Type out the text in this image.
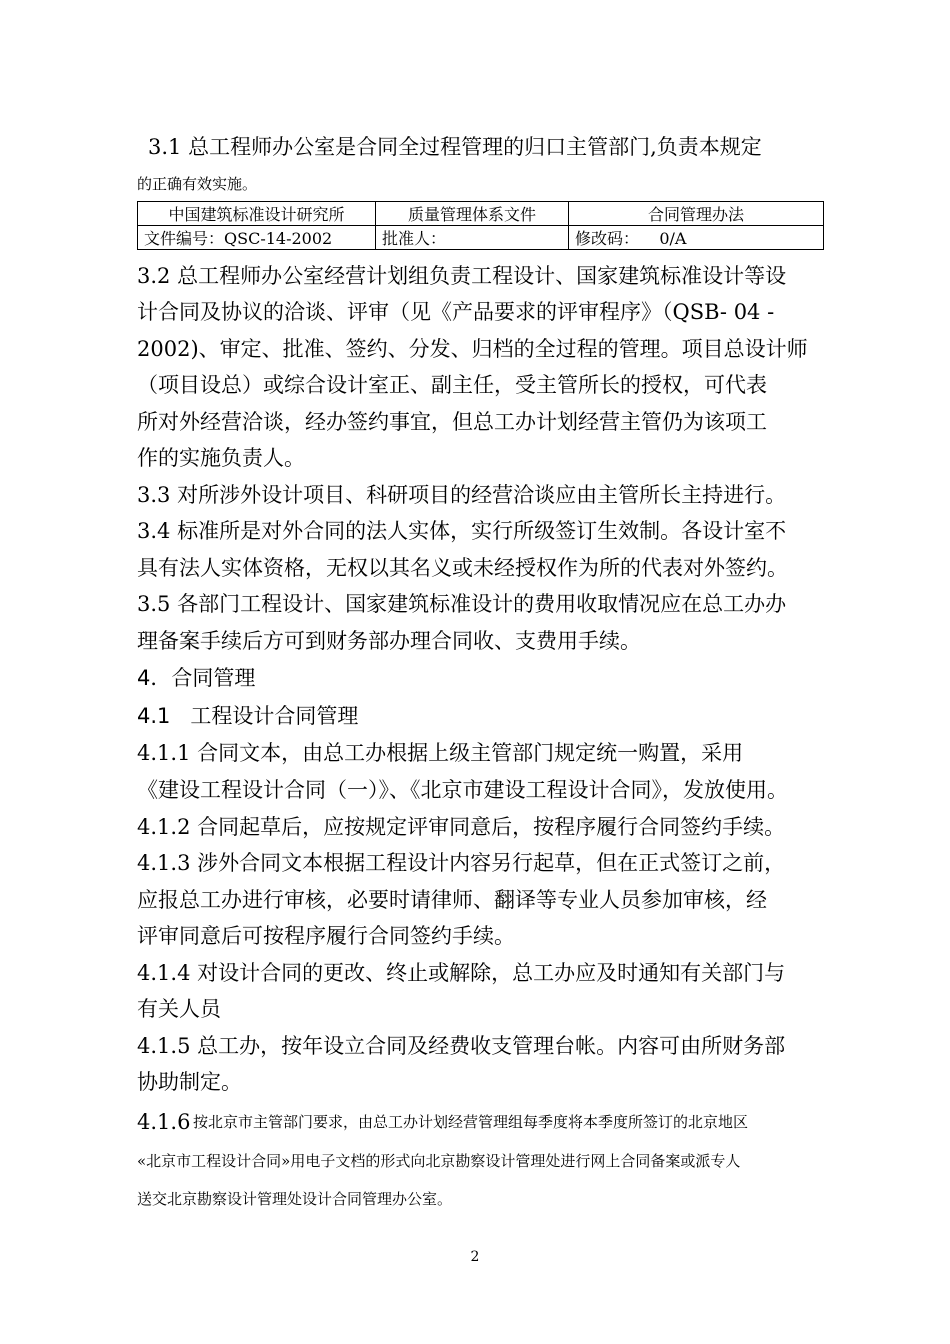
3.1 总工程师办公室是合同全过程管理的归口主管部门,负责本规定
的正确有效实施。
中国建筑标准设计研究所	质量管理体系文件	合同管理办法
文件编号：QSC-14-2002	批准人：	修改码：    0/A
3.2 总工程师办公室经营计划组负责工程设计、国家建筑标准设计等设
计合同及协议的洽谈、评审（见《产品要求的评审程序》（QSB- 04 -
2002)、审定、批准、签约、分发、归档的全过程的管理。项目总设计师
（项目设总）或综合设计室正、副主任，受主管所长的授权，可代表
所对外经营洽谈，经办签约事宜，但总工办计划经营主管仍为该项工
作的实施负责人。
3.3 对所涉外设计项目、科研项目的经营洽谈应由主管所长主持进行。
3.4 标准所是对外合同的法人实体，实行所级签订生效制。各设计室不
具有法人实体资格，无权以其名义或未经授权作为所的代表对外签约。
3.5 各部门工程设计、国家建筑标准设计的费用收取情况应在总工办办
理备案手续后方可到财务部办理合同收、支费用手续。
4．合同管理
4.1   工程设计合同管理
4.1.1 合同文本，由总工办根据上级主管部门规定统一购置，采用
《建设工程设计合同（一）》、《北京市建设工程设计合同》，发放使用。
4.1.2 合同起草后，应按规定评审同意后，按程序履行合同签约手续。
4.1.3 涉外合同文本根据工程设计内容另行起草，但在正式签订之前，
应报总工办进行审核，必要时请律师、翻译等专业人员参加审核，经
评审同意后可按程序履行合同签约手续。
4.1.4 对设计合同的更改、终止或解除，总工办应及时通知有关部门与
有关人员
4.1.5 总工办，按年设立合同及经费收支管理台帐。内容可由所财务部
协助制定。
4.1.6 按北京市主管部门要求，由总工办计划经营管理组每季度将本季度所签订的北京地区
«北京市工程设计合同»用电子文档的形式向北京勘察设计管理处进行网上合同备案或派专人
送交北京勘察设计管理处设计合同管理办公室。
2
